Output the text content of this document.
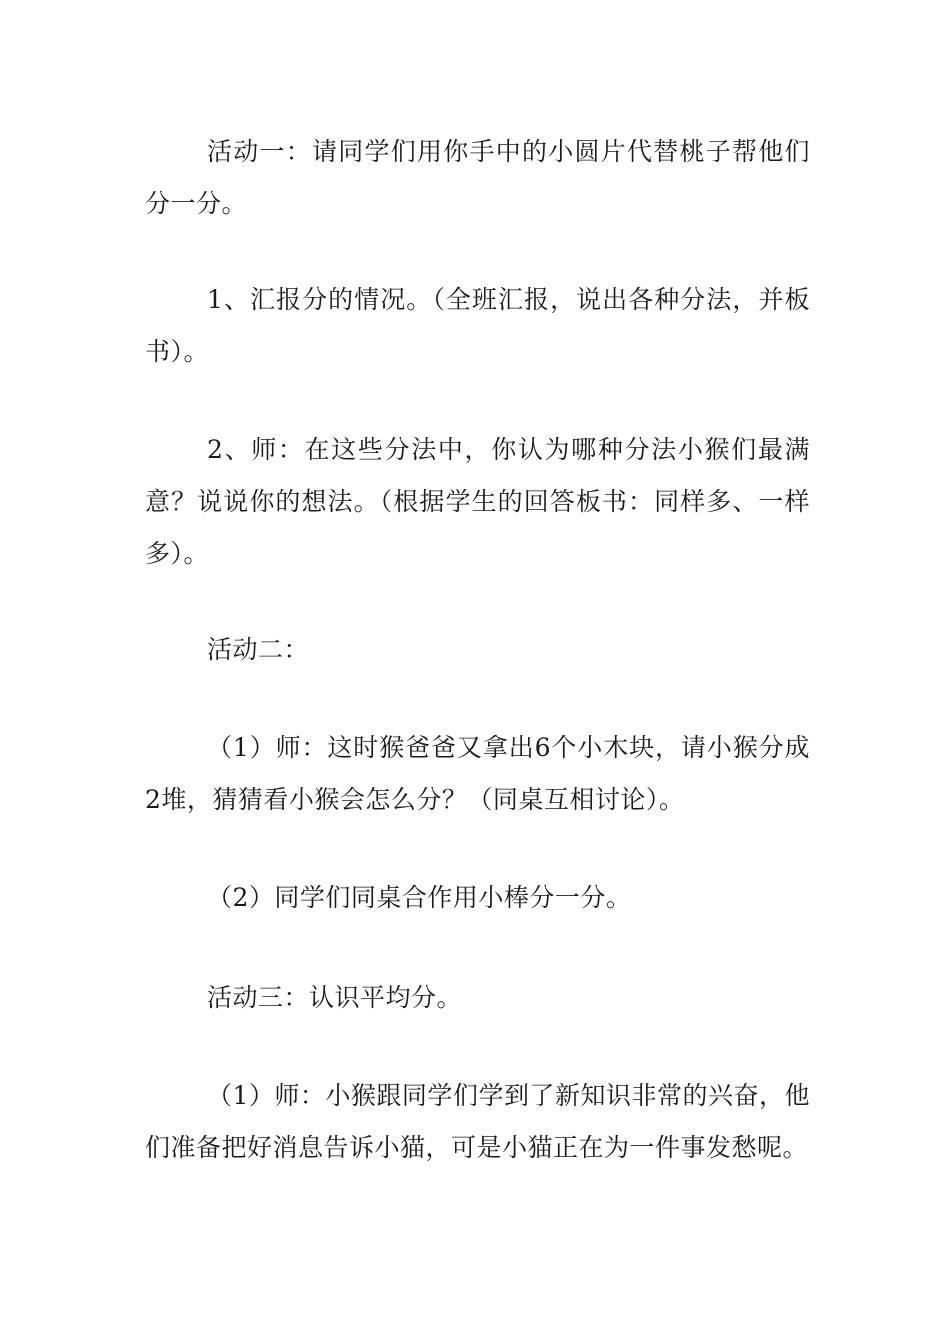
活动一：请同学们用你手中的小圆片代替桃子帮他们分一分。

1、汇报分的情况。（全班汇报，说出各种分法，并板书）。

2、师：在这些分法中，你认为哪种分法小猴们最满意？说说你的想法。（根据学生的回答板书：同样多、一样多）。

活动二：

（1）师：这时猴爸爸又拿出6个小木块，请小猴分成2堆，猜猜看小猴会怎么分？（同桌互相讨论）。

（2）同学们同桌合作用小棒分一分。

活动三：认识平均分。

（1）师：小猴跟同学们学到了新知识非常的兴奋，他们准备把好消息告诉小猫，可是小猫正在为一件事发愁呢。
